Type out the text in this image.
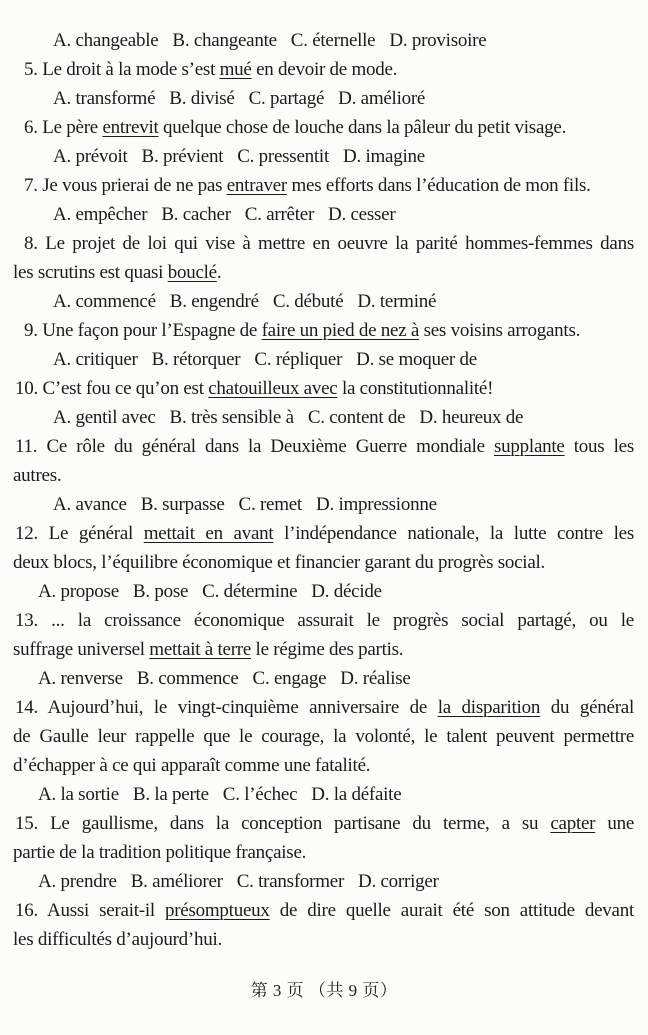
A. changeable B. changeante C. éternelle D. provisoire
5. Le droit à la mode s’est mué en devoir de mode.
A. transformé B. divisé C. partagé D. amélioré
6. Le père entrevit quelque chose de louche dans la pâleur du petit visage.
A. prévoit B. prévient C. pressentit D. imagine
7. Je vous prierai de ne pas entraver mes efforts dans l’éducation de mon fils.
A. empêcher B. cacher C. arrêter D. cesser
8. Le projet de loi qui vise à mettre en oeuvre la parité hommes-femmes dans
les scrutins est quasi bouclé.
A. commencé B. engendré C. débuté D. terminé
9. Une façon pour l’Espagne de faire un pied de nez à ses voisins arrogants.
A. critiquer B. rétorquer C. répliquer D. se moquer de
10. C’est fou ce qu’on est chatouilleux avec la constitutionnalité!
A. gentil avec B. très sensible à C. content de D. heureux de
11. Ce rôle du général dans la Deuxième Guerre mondiale supplante tous les
autres.
A. avance B. surpasse C. remet D. impressionne
12. Le général mettait en avant l’indépendance nationale, la lutte contre les
deux blocs, l’équilibre économique et financier garant du progrès social.
A. propose B. pose C. détermine D. décide
13. ... la croissance économique assurait le progrès social partagé, ou le
suffrage universel mettait à terre le régime des partis.
A. renverse B. commence C. engage D. réalise
14. Aujourd’hui, le vingt-cinquième anniversaire de la disparition du général
de Gaulle leur rappelle que le courage, la volonté, le talent peuvent permettre
d’échapper à ce qui apparaît comme une fatalité.
A. la sortie B. la perte C. l’échec D. la défaite
15. Le gaullisme, dans la conception partisane du terme, a su capter une
partie de la tradition politique française.
A. prendre B. améliorer C. transformer D. corriger
16. Aussi serait-il présomptueux de dire quelle aurait été son attitude devant
les difficultés d’aujourd’hui.
第 3 页 （共 9 页）
